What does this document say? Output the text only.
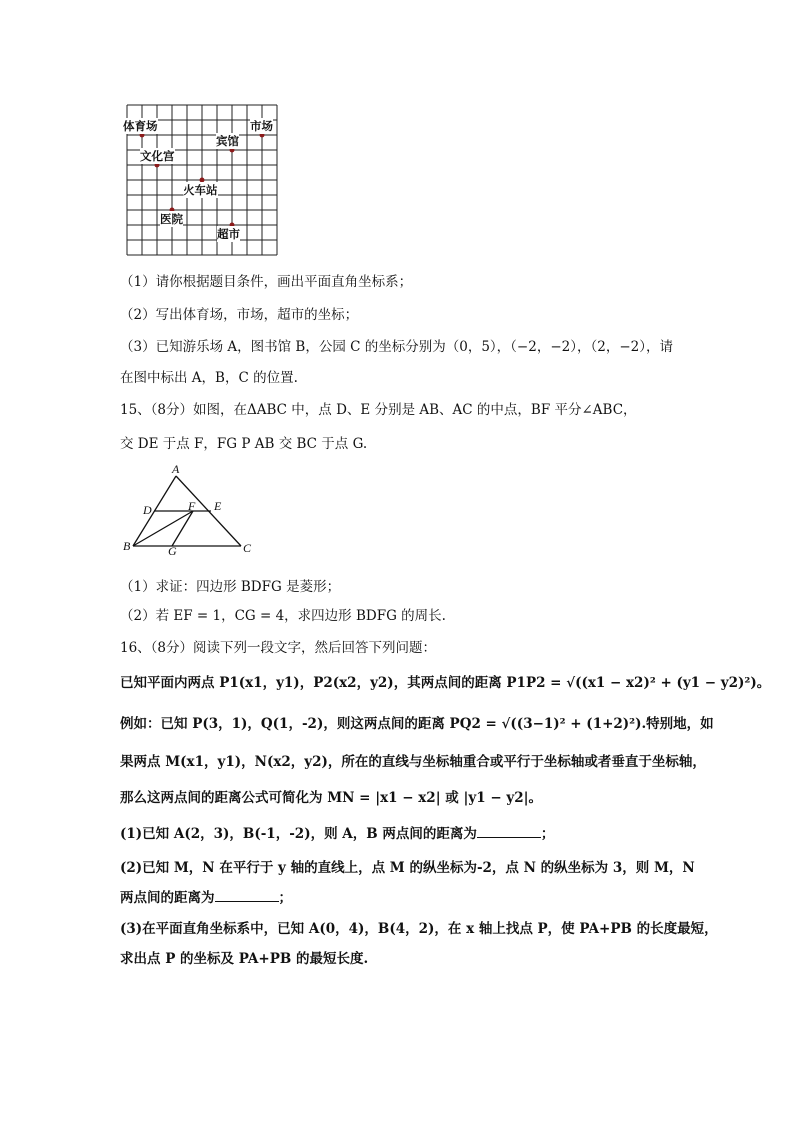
体育场	市场
宾馆
文化宫
火车站
医院
超市
（1）请你根据题目条件，画出平面直角坐标系；
（2）写出体育场，市场，超市的坐标；
（3）已知游乐场 A，图书馆 B，公园 C 的坐标分别为（0，5），（−2，−2），（2，−2），请
在图中标出 A，B，C 的位置.
15、（8分）如图，在ΔABC 中，点 D、E 分别是 AB、AC 的中点，BF 平分∠ABC，
交 DE 于点 F，FG P AB 交 BC 于点 G.
A
D	F E
B	G	C
（1）求证：四边形 BDFG 是菱形；
（2）若 EF = 1，CG = 4，求四边形 BDFG 的周长.
16、（8分）阅读下列一段文字，然后回答下列问题：
已知平面内两点 P1(x1，y1)，P2(x2，y2)，其两点间的距离 P1P2 = √((x1 − x2)² + (y1 − y2)²)。
例如：已知 P(3，1)，Q(1，-2)，则这两点间的距离 PQ2 = √((3−1)² + (1+2)²).特别地，如
果两点 M(x1，y1)，N(x2，y2)，所在的直线与坐标轴重合或平行于坐标轴或者垂直于坐标轴，
那么这两点间的距离公式可简化为 MN = |x1 − x2| 或 |y1 − y2|。
(1)已知 A(2，3)，B(-1，-2)，则 A，B 两点间的距离为	；
(2)已知 M，N 在平行于 y 轴的直线上，点 M 的纵坐标为-2，点 N 的纵坐标为 3，则 M，N
两点间的距离为	；
(3)在平面直角坐标系中，已知 A(0，4)，B(4，2)，在 x 轴上找点 P，使 PA+PB 的长度最短，
求出点 P 的坐标及 PA+PB 的最短长度.
